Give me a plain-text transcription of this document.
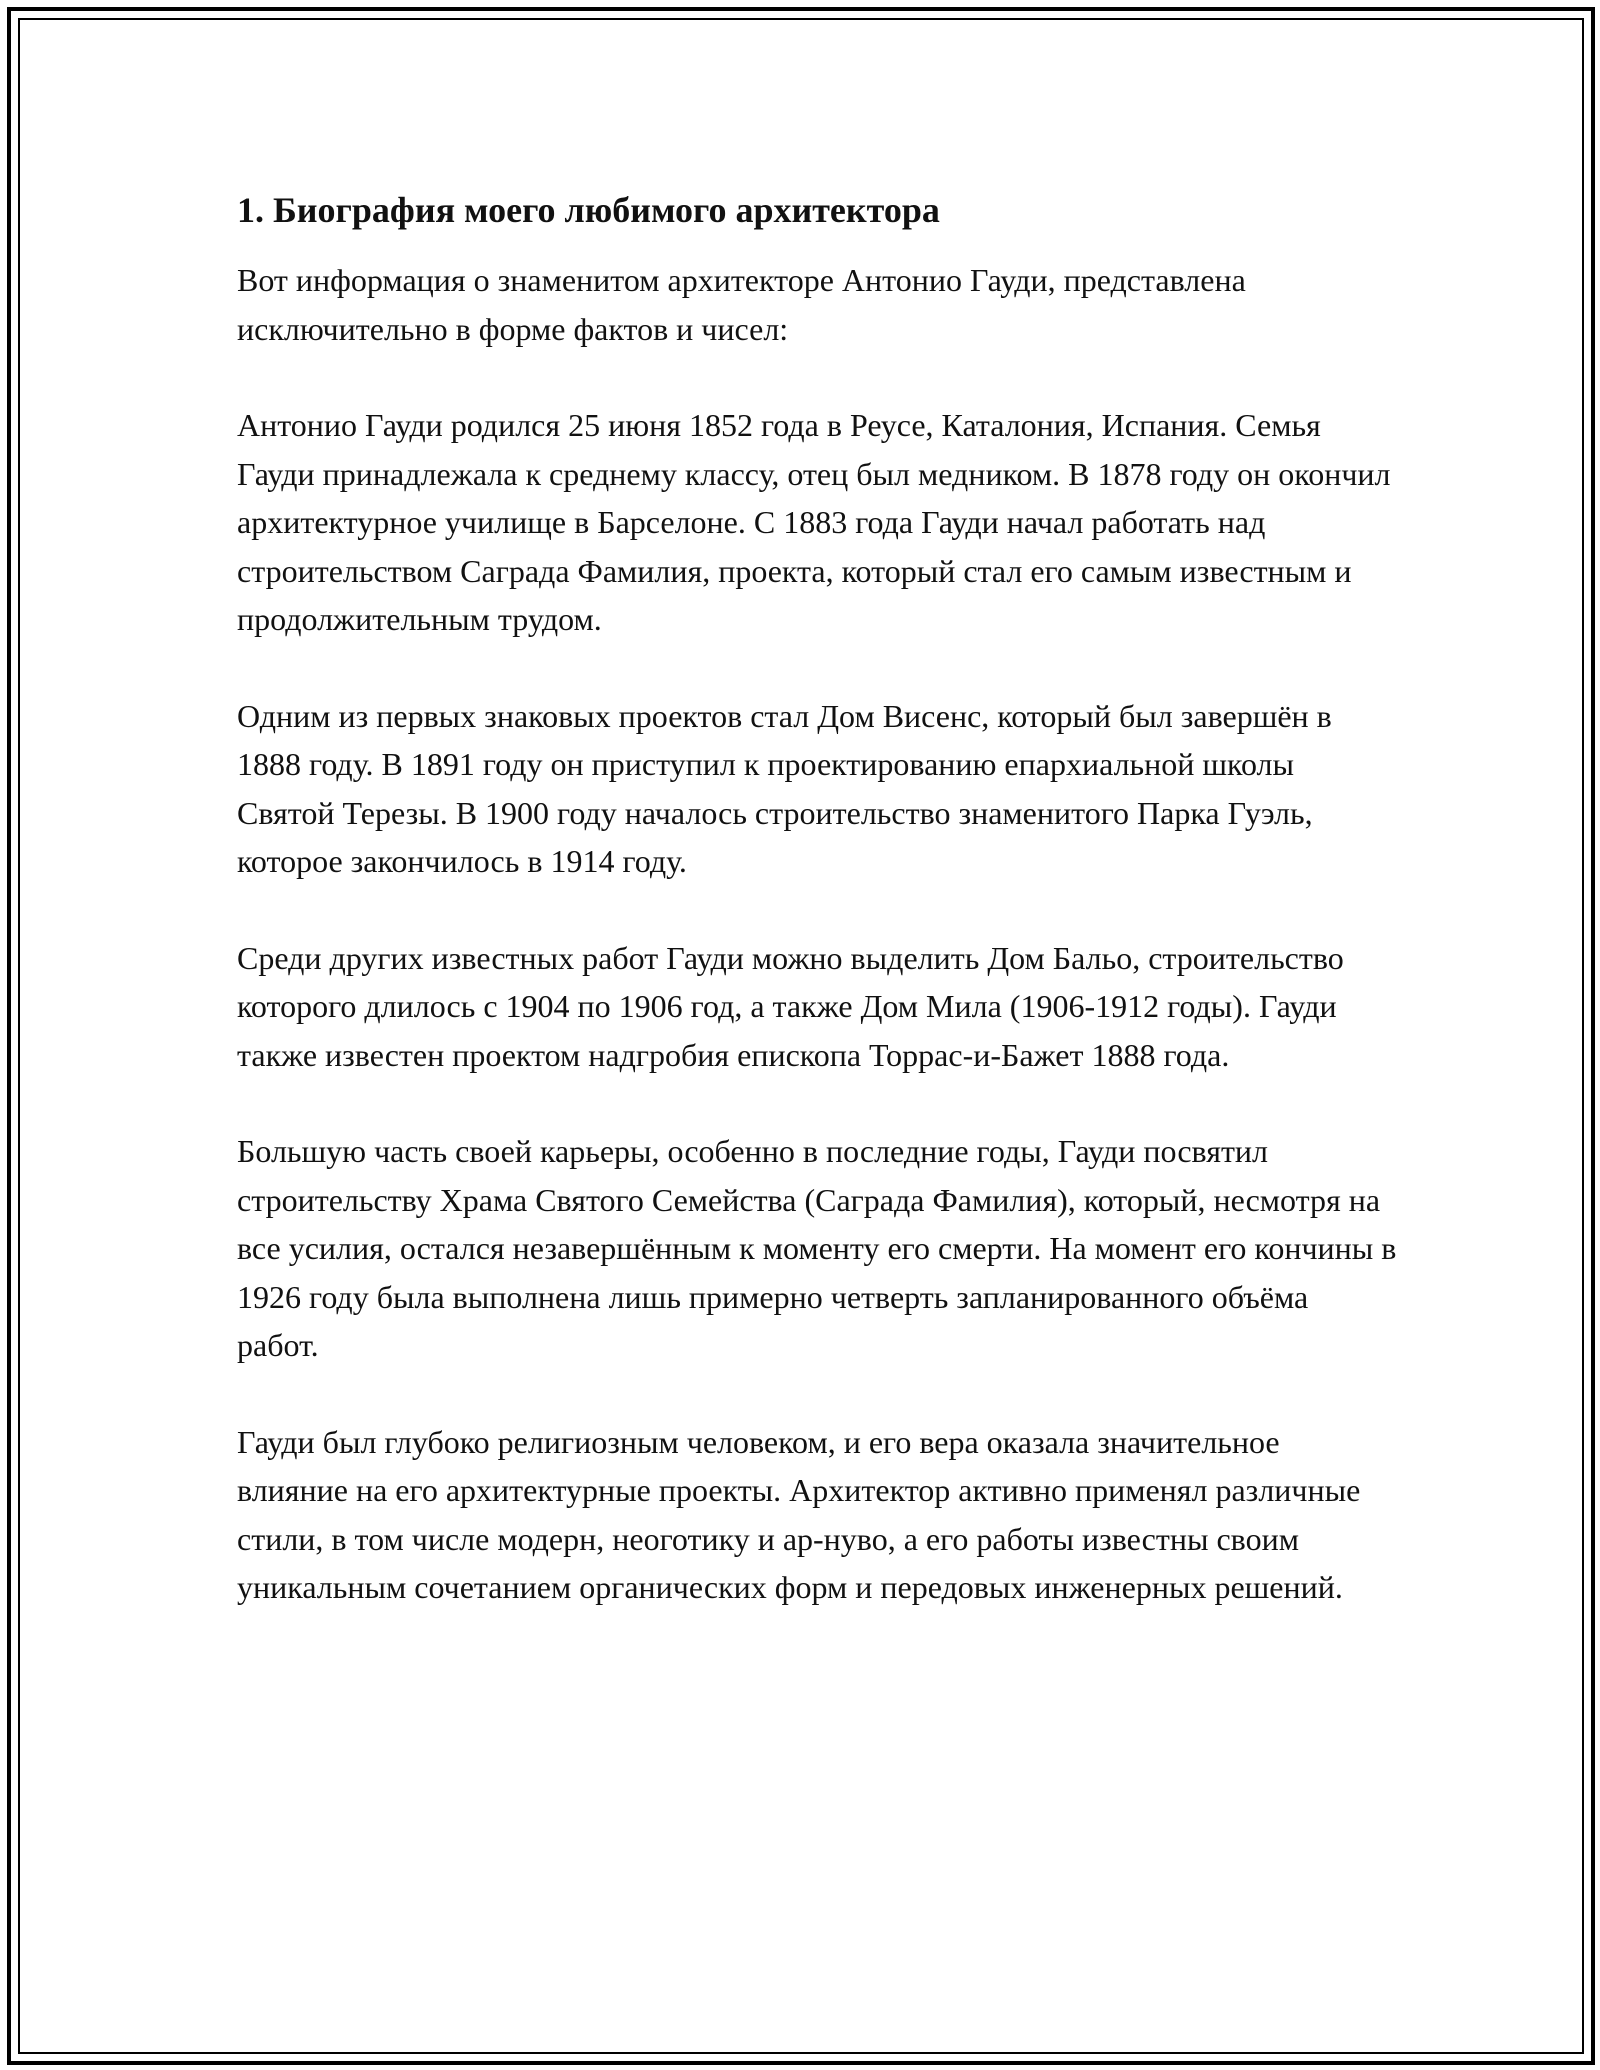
1. Биография моего любимого архитектора

Вот информация о знаменитом архитекторе Антонио Гауди, представлена исключительно в форме фактов и чисел:

Антонио Гауди родился 25 июня 1852 года в Реусе, Каталония, Испания. Семья Гауди принадлежала к среднему классу, отец был медником. В 1878 году он окончил архитектурное училище в Барселоне. С 1883 года Гауди начал работать над строительством Саграда Фамилия, проекта, который стал его самым известным и продолжительным трудом.

Одним из первых знаковых проектов стал Дом Висенс, который был завершён в 1888 году. В 1891 году он приступил к проектированию епархиальной школы Святой Терезы. В 1900 году началось строительство знаменитого Парка Гуэль, которое закончилось в 1914 году.

Среди других известных работ Гауди можно выделить Дом Бальо, строительство которого длилось с 1904 по 1906 год, а также Дом Мила (1906-1912 годы). Гауди также известен проектом надгробия епископа Торрас-и-Бажет 1888 года.

Большую часть своей карьеры, особенно в последние годы, Гауди посвятил строительству Храма Святого Семейства (Саграда Фамилия), который, несмотря на все усилия, остался незавершённым к моменту его смерти. На момент его кончины в 1926 году была выполнена лишь примерно четверть запланированного объёма работ.

Гауди был глубоко религиозным человеком, и его вера оказала значительное влияние на его архитектурные проекты. Архитектор активно применял различные стили, в том числе модерн, неоготику и ар-нуво, а его работы известны своим уникальным сочетанием органических форм и передовых инженерных решений.
